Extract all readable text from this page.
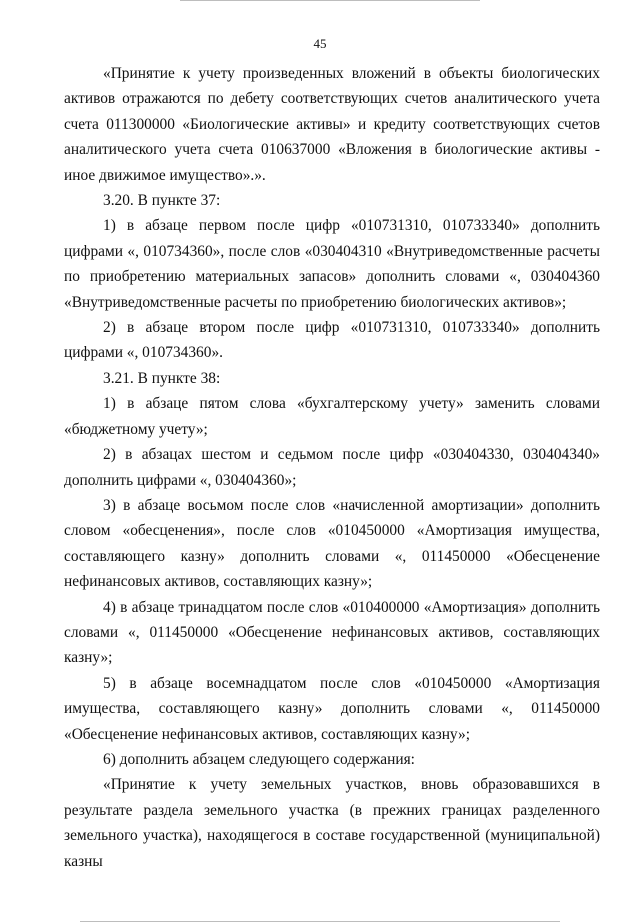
45

«Принятие к учету произведенных вложений в объекты биологических активов отражаются по дебету соответствующих счетов аналитического учета счета 011300000 «Биологические активы» и кредиту соответствующих счетов аналитического учета счета 010637000 «Вложения в биологические активы - иное движимое имущество».».

3.20. В пункте 37:

1) в абзаце первом после цифр «010731310, 010733340» дополнить цифрами «, 010734360», после слов «030404310 «Внутриведомственные расчеты по приобретению материальных запасов» дополнить словами «, 030404360 «Внутриведомственные расчеты по приобретению биологических активов»;

2) в абзаце втором после цифр «010731310, 010733340» дополнить цифрами «, 010734360».

3.21. В пункте 38:

1) в абзаце пятом слова «бухгалтерскому учету» заменить словами «бюджетному учету»;

2) в абзацах шестом и седьмом после цифр «030404330, 030404340» дополнить цифрами «, 030404360»;

3) в абзаце восьмом после слов «начисленной амортизации» дополнить словом «обесценения», после слов «010450000 «Амортизация имущества, составляющего казну» дополнить словами «, 011450000 «Обесценение нефинансовых активов, составляющих казну»;

4) в абзаце тринадцатом после слов «010400000 «Амортизация» дополнить словами «, 011450000 «Обесценение нефинансовых активов, составляющих казну»;

5) в абзаце восемнадцатом после слов «010450000 «Амортизация имущества, составляющего казну» дополнить словами «, 011450000 «Обесценение нефинансовых активов, составляющих казну»;

6) дополнить абзацем следующего содержания:

«Принятие к учету земельных участков, вновь образовавшихся в результате раздела земельного участка (в прежних границах разделенного земельного участка), находящегося в составе государственной (муниципальной) казны
